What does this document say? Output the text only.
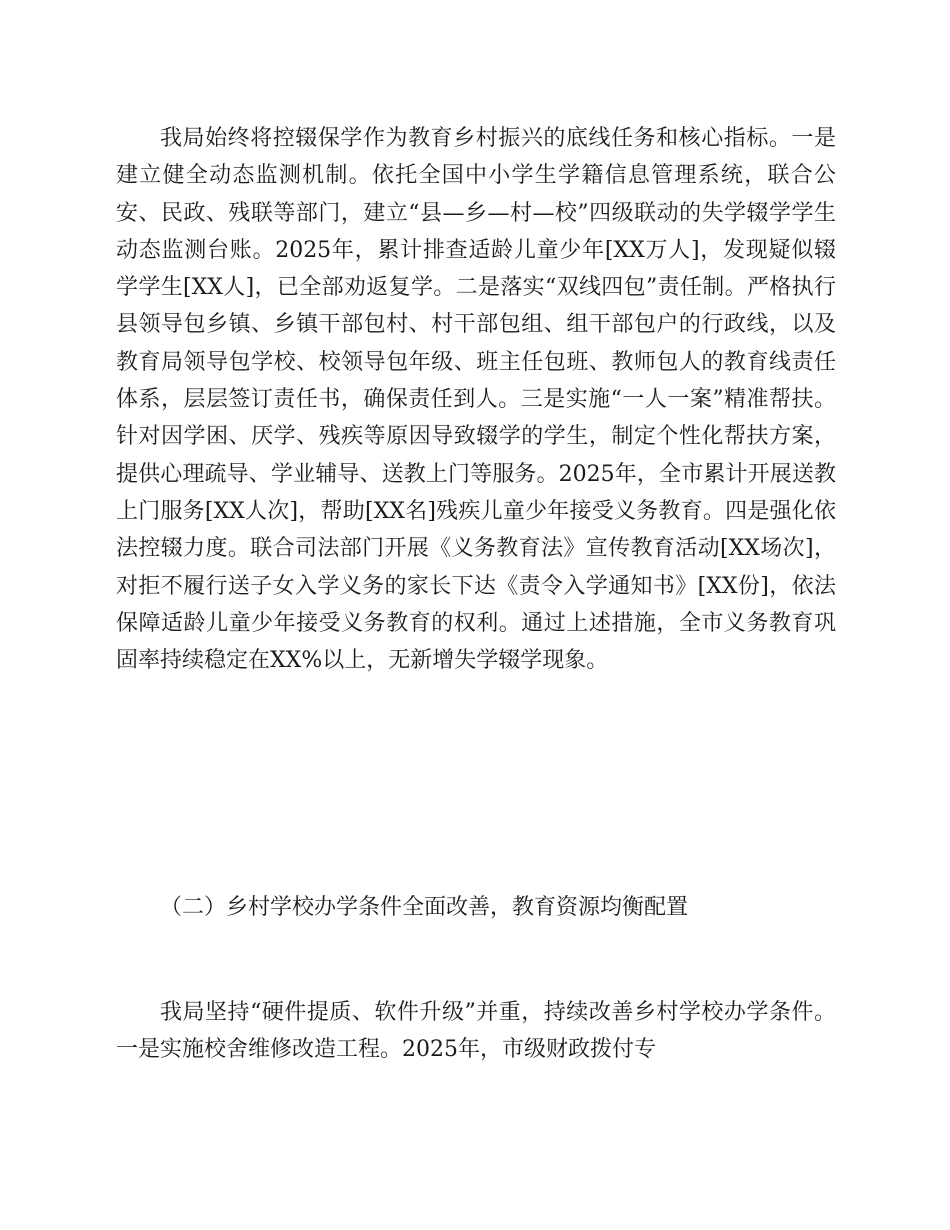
我局始终将控辍保学作为教育乡村振兴的底线任务和核心指标。一是建立健全动态监测机制。依托全国中小学生学籍信息管理系统，联合公安、民政、残联等部门，建立“县—乡—村—校”四级联动的失学辍学学生动态监测台账。2025年，累计排查适龄儿童少年[XX万人]，发现疑似辍学学生[XX人]，已全部劝返复学。二是落实“双线四包”责任制。严格执行县领导包乡镇、乡镇干部包村、村干部包组、组干部包户的行政线，以及教育局领导包学校、校领导包年级、班主任包班、教师包人的教育线责任体系，层层签订责任书，确保责任到人。三是实施“一人一案”精准帮扶。针对因学困、厌学、残疾等原因导致辍学的学生，制定个性化帮扶方案，提供心理疏导、学业辅导、送教上门等服务。2025年，全市累计开展送教上门服务[XX人次]，帮助[XX名]残疾儿童少年接受义务教育。四是强化依法控辍力度。联合司法部门开展《义务教育法》宣传教育活动[XX场次]，对拒不履行送子女入学义务的家长下达《责令入学通知书》[XX份]，依法保障适龄儿童少年接受义务教育的权利。通过上述措施，全市义务教育巩固率持续稳定在XX%以上，无新增失学辍学现象。

（二）乡村学校办学条件全面改善，教育资源均衡配置

我局坚持“硬件提质、软件升级”并重，持续改善乡村学校办学条件。一是实施校舍维修改造工程。2025年，市级财政拨付专
